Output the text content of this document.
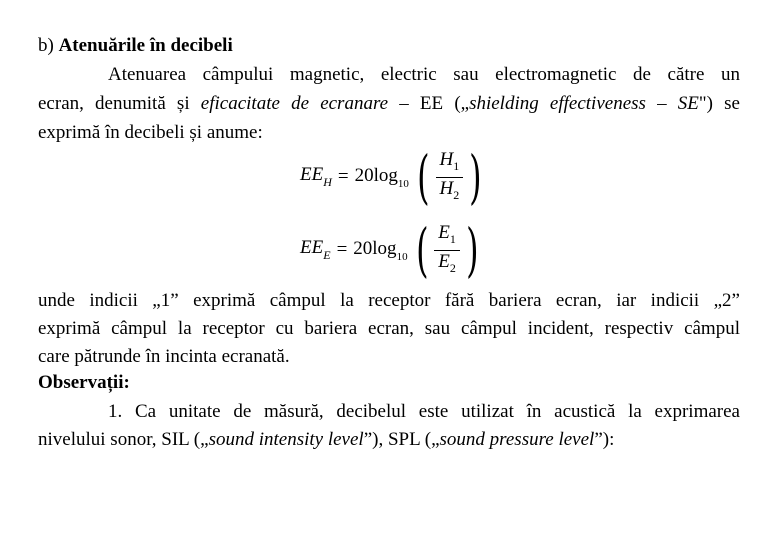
b) Atenuările în decibeli
Atenuarea câmpului magnetic, electric sau electromagnetic de către un
ecran, denumită și eficacitate de ecranare – EE („shielding effectiveness – SE") se
exprimă în decibeli și anume:
$EE_H = 20\log_{10}$ ( $\frac{H_1}{H_2}$ )
$EE_E = 20\log_{10}$ ( $\frac{E_1}{E_2}$ )
unde indicii „1” exprimă câmpul la receptor fără bariera ecran, iar indicii „2”
exprimă câmpul la receptor cu bariera ecran, sau câmpul incident, respectiv câmpul
care pătrunde în incinta ecranată.
Observații:
1. Ca unitate de măsură, decibelul este utilizat în acustică la exprimarea
nivelului sonor, SIL („sound intensity level”), SPL („sound pressure level”):
